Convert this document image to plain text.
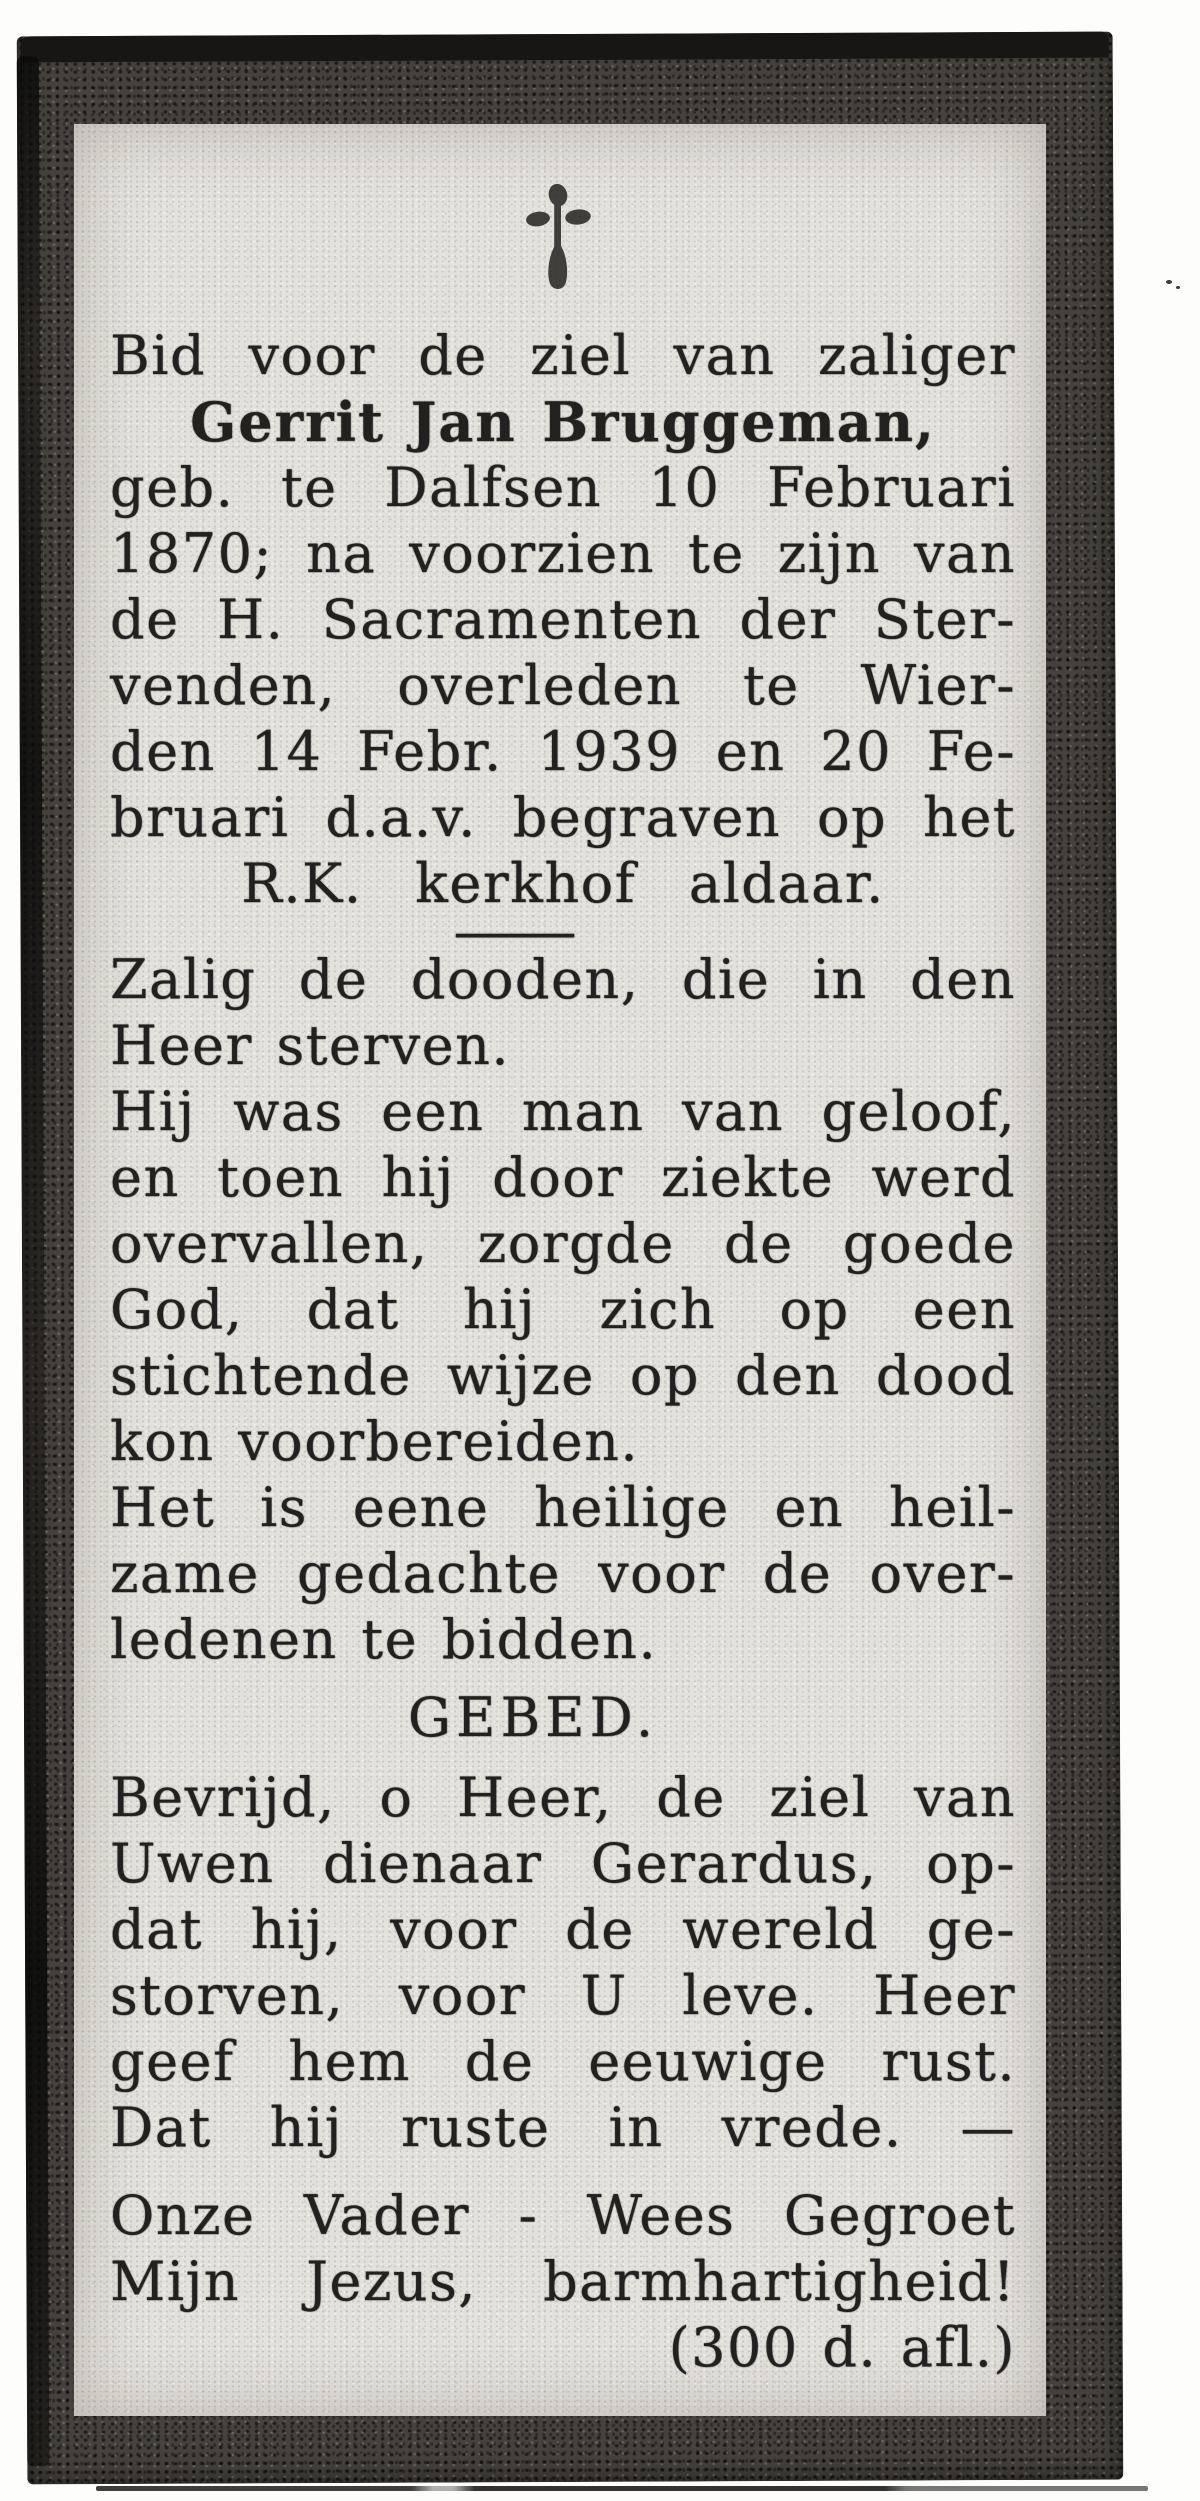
Bid voor de ziel van zaliger
Gerrit Jan Bruggeman,
geb. te Dalfsen 10 Februari
1870; na voorzien te zijn van
de H. Sacramenten der Ster-
venden, overleden te Wier-
den 14 Febr. 1939 en 20 Fe-
bruari d.a.v. begraven op het
R.K. kerkhof aldaar.
—
Zalig de dooden, die in den
Heer sterven.
Hij was een man van geloof,
en toen hij door ziekte werd
overvallen, zorgde de goede
God, dat hij zich op een
stichtende wijze op den dood
kon voorbereiden.
Het is eene heilige en heil-
zame gedachte voor de over-
ledenen te bidden.
GEBED.
Bevrijd, o Heer, de ziel van
Uwen dienaar Gerardus, op-
dat hij, voor de wereld ge-
storven, voor U leve. Heer
geef hem de eeuwige rust.
Dat hij ruste in vrede. —
Onze Vader - Wees Gegroet
Mijn Jezus, barmhartigheid!
(300 d. afl.)
